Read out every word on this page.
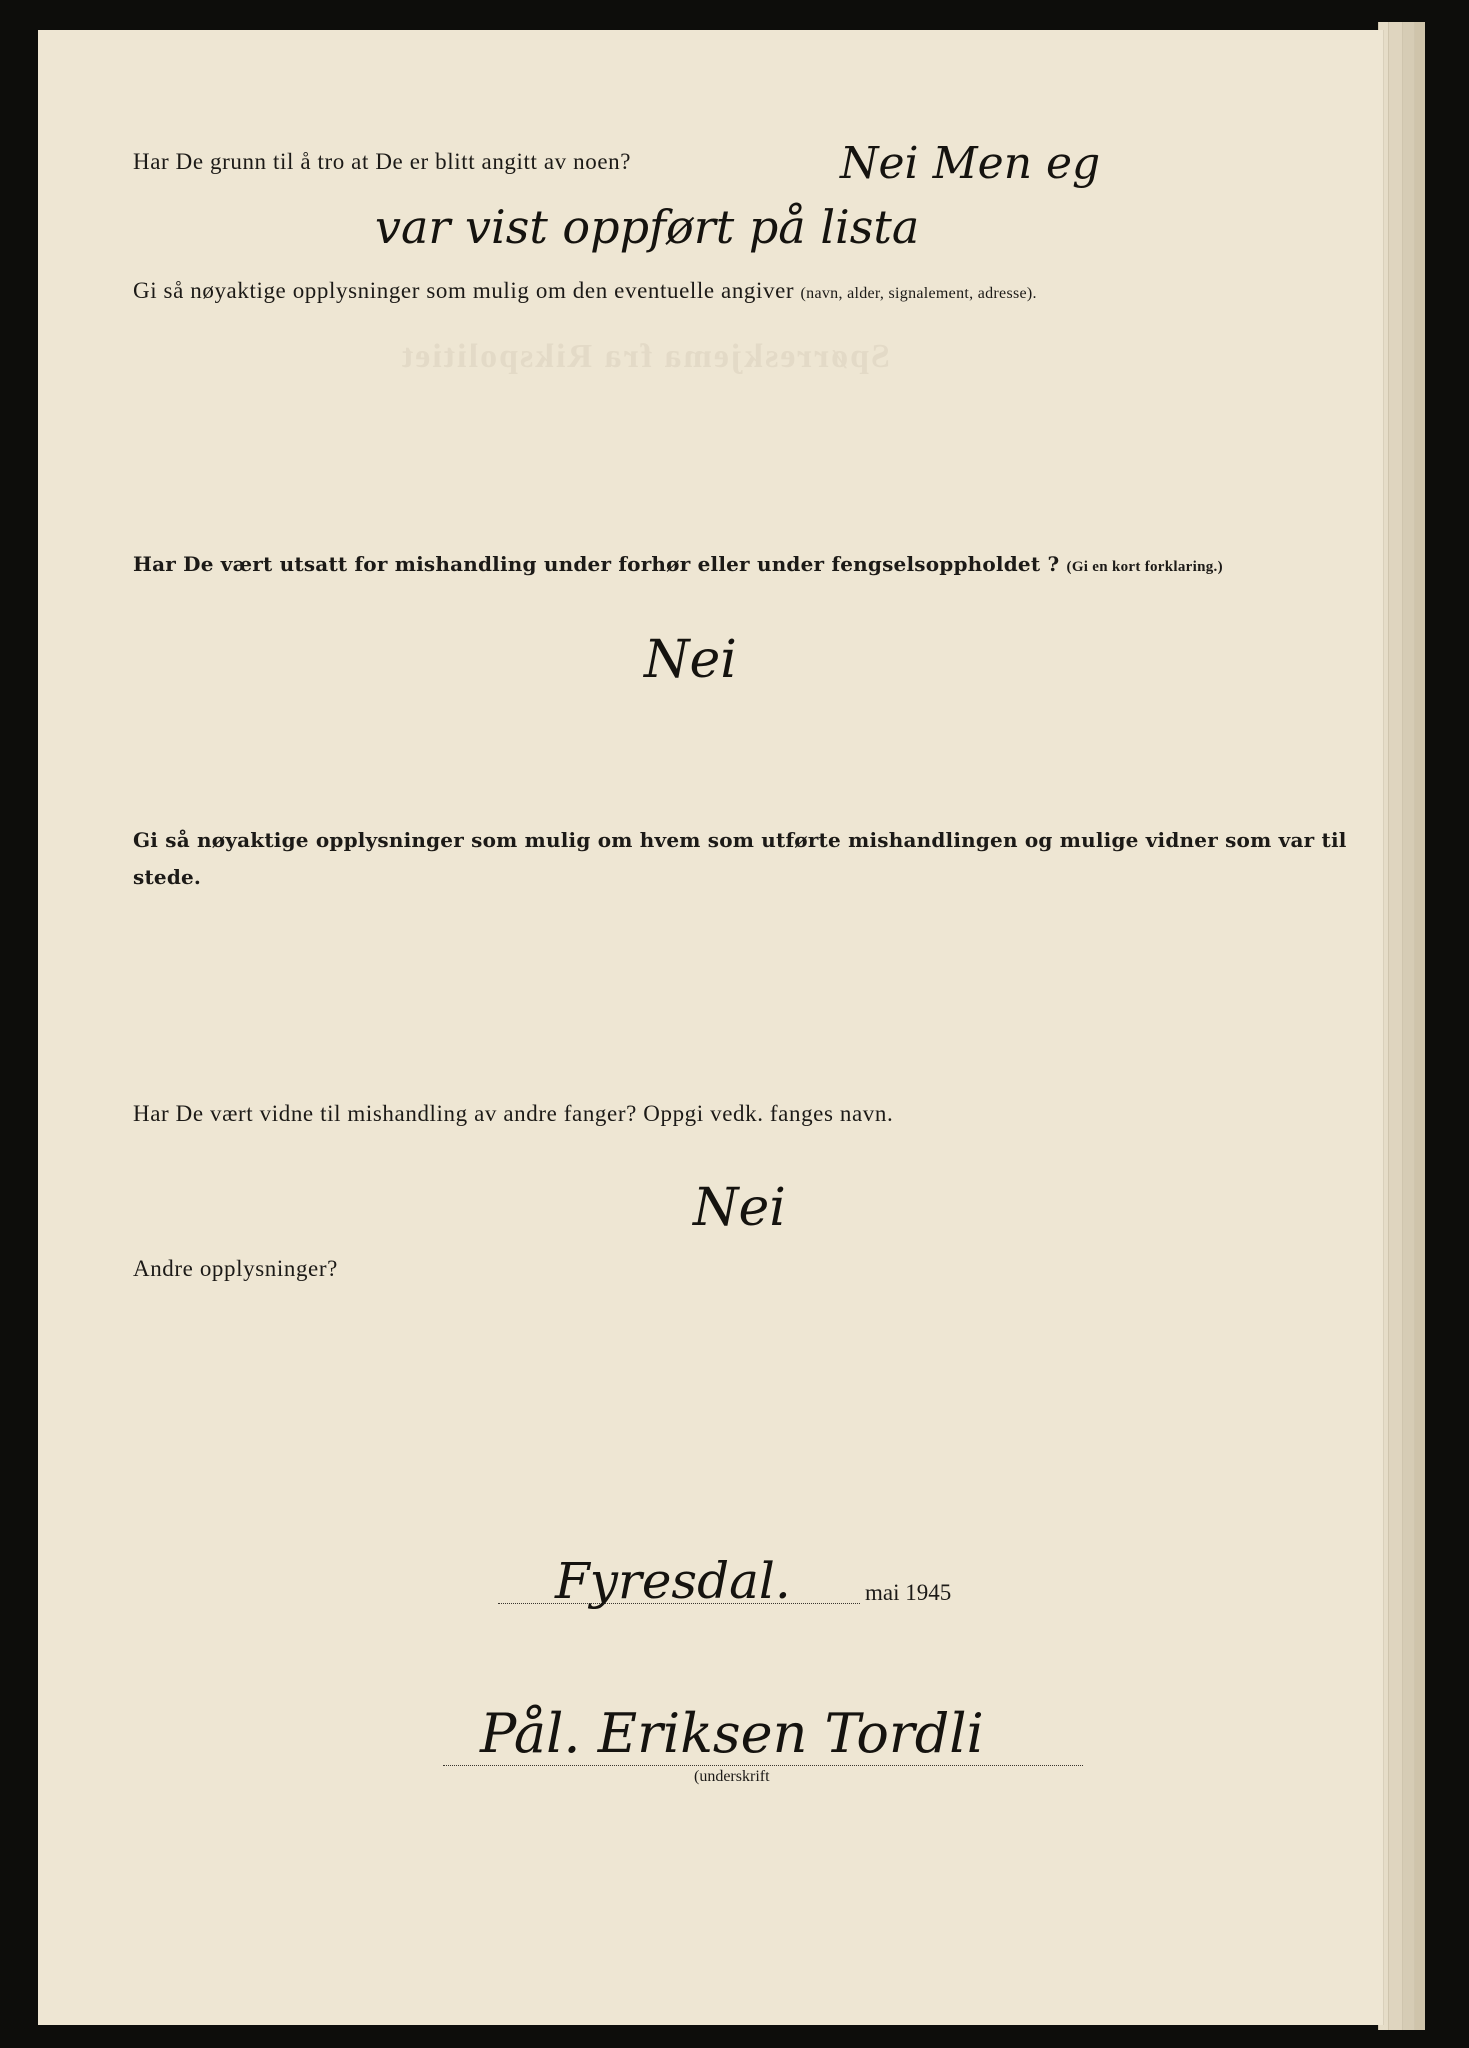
Spørreskjema fra Rikspolitiet

Har De grunn til å tro at De er blitt angitt av noen?	Nei Men eg

var vist oppført på lista

Gi så nøyaktige opplysninger som mulig om den eventuelle angiver (navn, alder, signalement, adresse).

Har De vært utsatt for mishandling under forhør eller under fengselsoppholdet ? (Gi en kort forklaring.)

Nei

Gi så nøyaktige opplysninger som mulig om hvem som utførte mishandlingen og mulige vidner som var til stede.

Har De vært vidne til mishandling av andre fanger? Oppgi vedk. fanges navn.

Nei

Andre opplysninger?

Fyresdal.	mai 1945

Pål. Eriksen Tordli

(underskrift
